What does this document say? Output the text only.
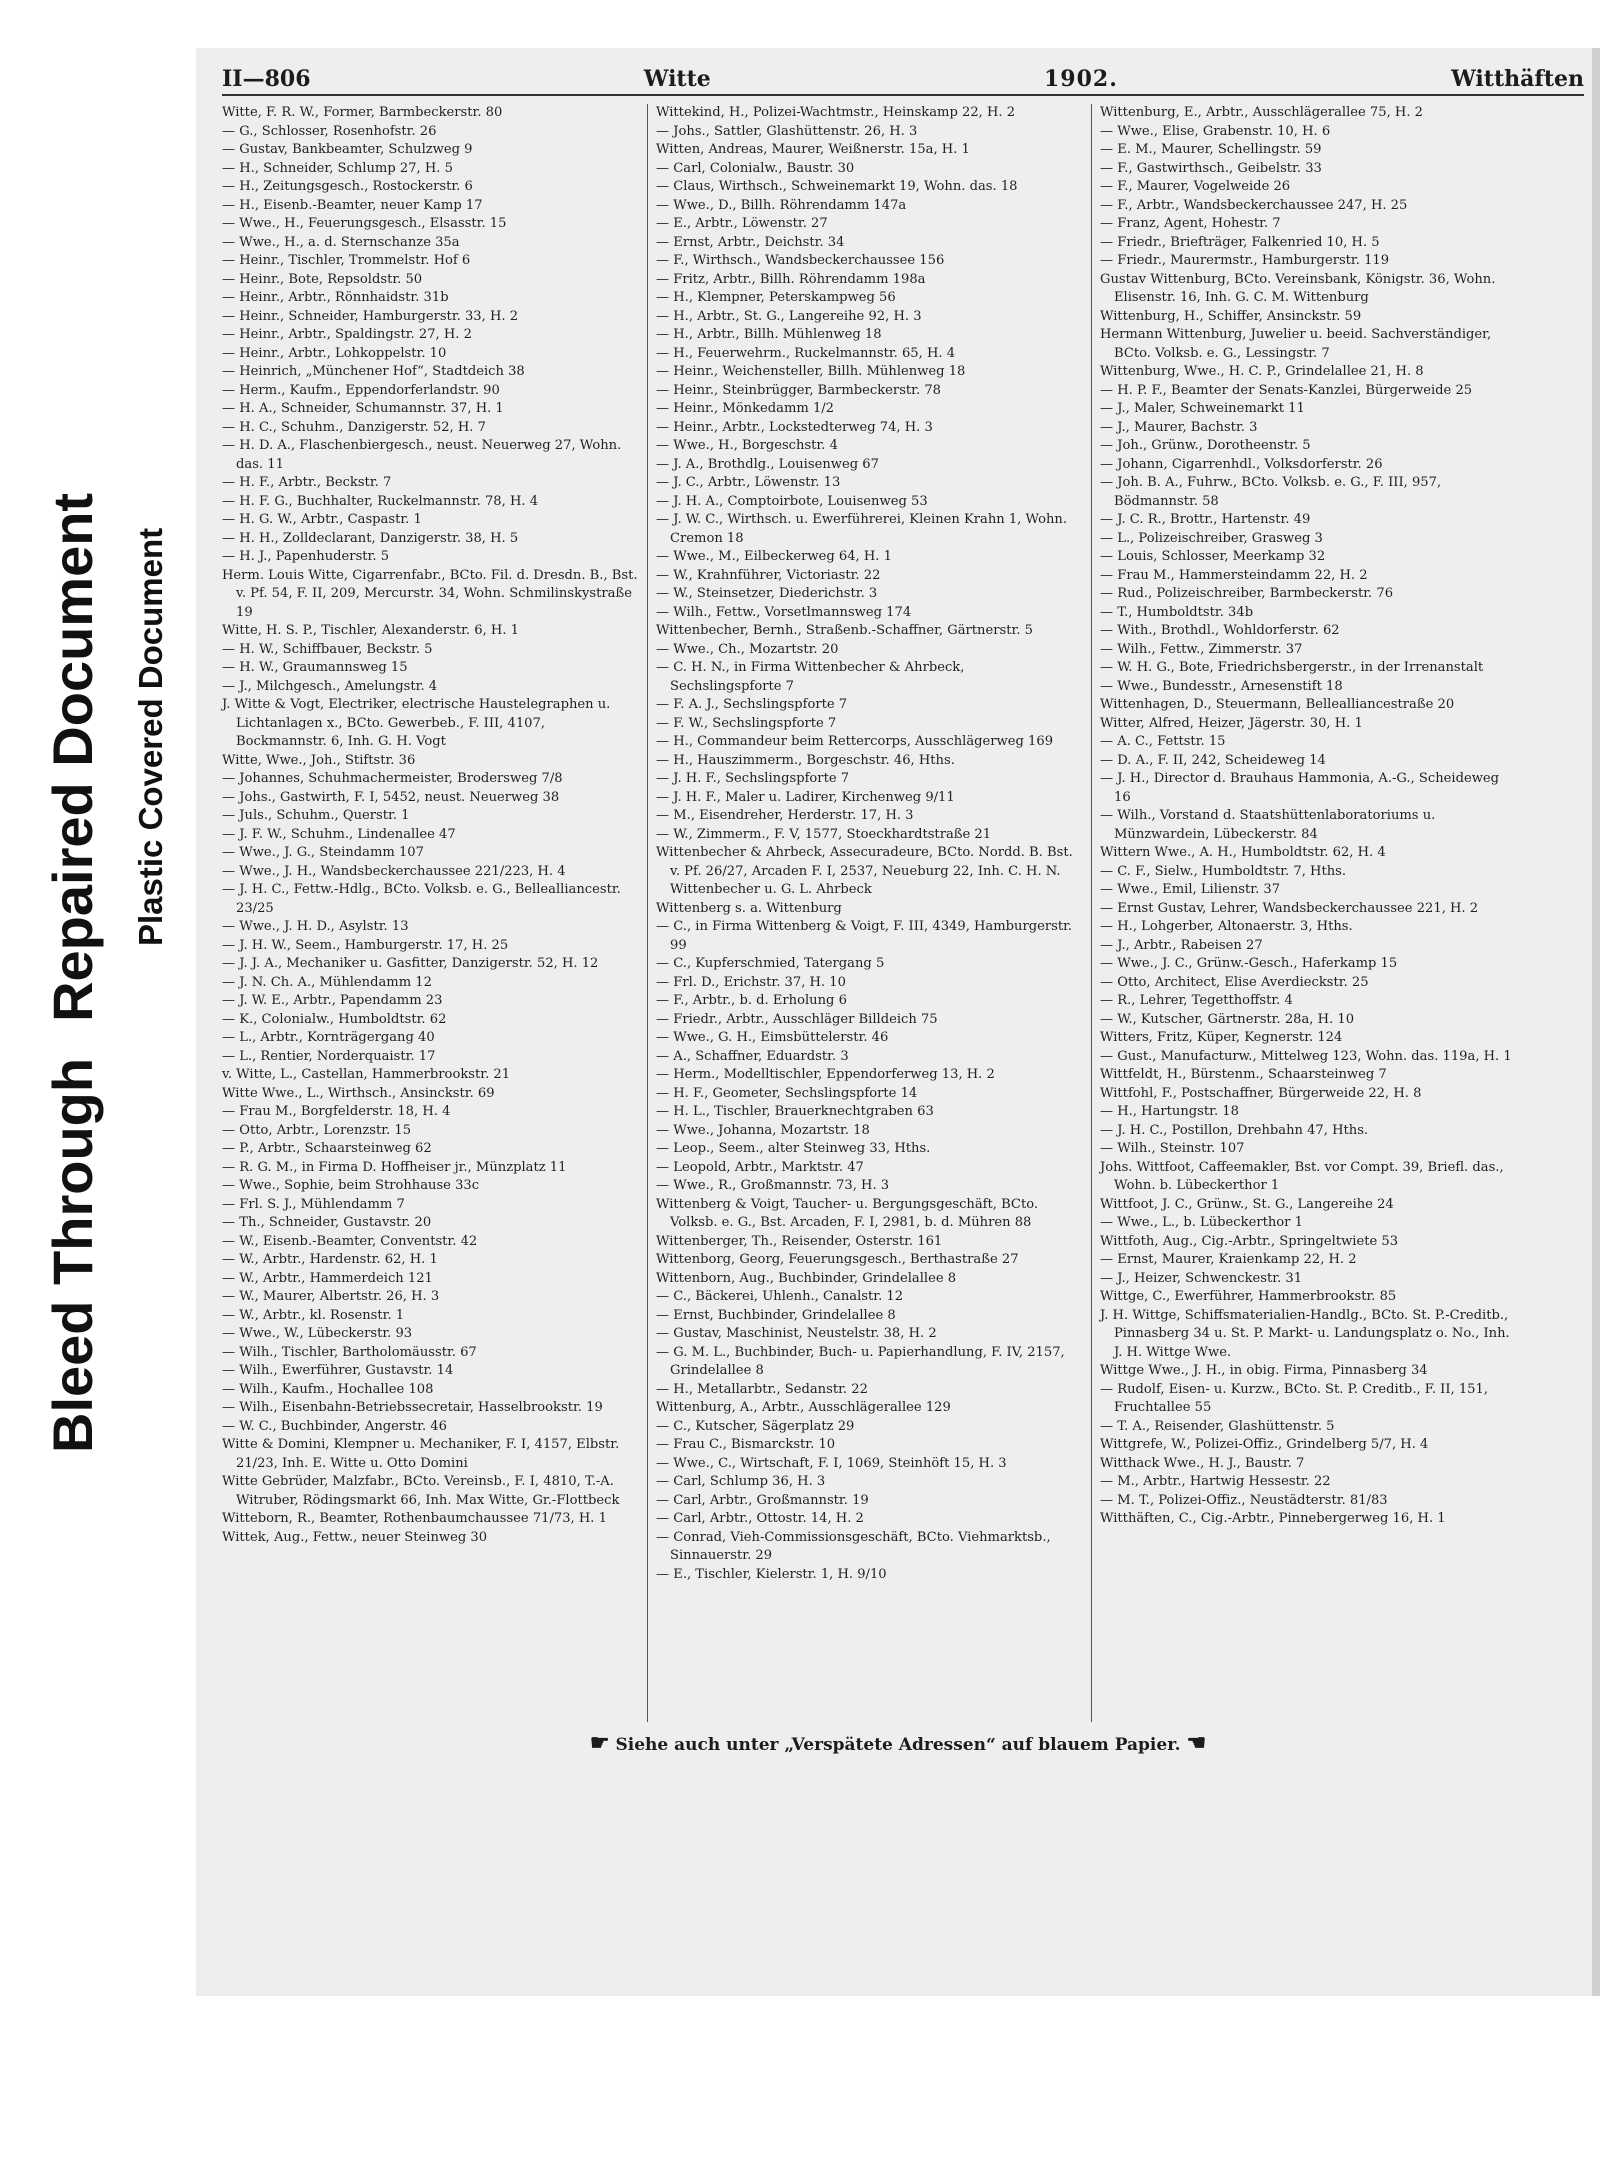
Bleed ThroughRepaired Document Plastic Covered Document
II—806	Witte	1902.	Witthäften
Witte, F. R. W., Former, Barmbeckerstr. 80
— G., Schlosser, Rosenhofstr. 26
— Gustav, Bankbeamter, Schulzweg 9
— H., Schneider, Schlump 27, H. 5
— H., Zeitungsgesch., Rostockerstr. 6
— H., Eisenb.-Beamter, neuer Kamp 17
— Wwe., H., Feuerungsgesch., Elsasstr. 15
— Wwe., H., a. d. Sternschanze 35a
— Heinr., Tischler, Trommelstr. Hof 6
— Heinr., Bote, Repsoldstr. 50
— Heinr., Arbtr., Rönnhaidstr. 31b
— Heinr., Schneider, Hamburgerstr. 33, H. 2
— Heinr., Arbtr., Spaldingstr. 27, H. 2
— Heinr., Arbtr., Lohkoppelstr. 10
— Heinrich, „Münchener Hof“, Stadtdeich 38
— Herm., Kaufm., Eppendorferlandstr. 90
— H. A., Schneider, Schumannstr. 37, H. 1
— H. C., Schuhm., Danzigerstr. 52, H. 7
— H. D. A., Flaschenbiergesch., neust. Neuerweg 27, Wohn. das. 11
— H. F., Arbtr., Beckstr. 7
— H. F. G., Buchhalter, Ruckelmannstr. 78, H. 4
— H. G. W., Arbtr., Caspastr. 1
— H. H., Zolldeclarant, Danzigerstr. 38, H. 5
— H. J., Papenhuderstr. 5
Herm. Louis Witte, Cigarrenfabr., BCto. Fil. d. Dresdn. B., Bst. v. Pf. 54, F. II, 209, Mercurstr. 34, Wohn. Schmilinskystraße 19
Witte, H. S. P., Tischler, Alexanderstr. 6, H. 1
— H. W., Schiffbauer, Beckstr. 5
— H. W., Graumannsweg 15
— J., Milchgesch., Amelungstr. 4
J. Witte & Vogt, Electriker, electrische Haustelegraphen u. Lichtanlagen x., BCto. Gewerbeb., F. III, 4107, Bockmannstr. 6, Inh. G. H. Vogt
Witte, Wwe., Joh., Stiftstr. 36
— Johannes, Schuhmachermeister, Brodersweg 7/8
— Johs., Gastwirth, F. I, 5452, neust. Neuerweg 38
— Juls., Schuhm., Querstr. 1
— J. F. W., Schuhm., Lindenallee 47
— Wwe., J. G., Steindamm 107
— Wwe., J. H., Wandsbeckerchaussee 221/223, H. 4
— J. H. C., Fettw.-Hdlg., BCto. Volksb. e. G., Bellealliancestr. 23/25
— Wwe., J. H. D., Asylstr. 13
— J. H. W., Seem., Hamburgerstr. 17, H. 25
— J. J. A., Mechaniker u. Gasfitter, Danzigerstr. 52, H. 12
— J. N. Ch. A., Mühlendamm 12
— J. W. E., Arbtr., Papendamm 23
— K., Colonialw., Humboldtstr. 62
— L., Arbtr., Kornträgergang 40
— L., Rentier, Norderquaistr. 17
v. Witte, L., Castellan, Hammerbrookstr. 21
Witte Wwe., L., Wirthsch., Ansinckstr. 69
— Frau M., Borgfelderstr. 18, H. 4
— Otto, Arbtr., Lorenzstr. 15
— P., Arbtr., Schaarsteinweg 62
— R. G. M., in Firma D. Hoffheiser jr., Münzplatz 11
— Wwe., Sophie, beim Strohhause 33c
— Frl. S. J., Mühlendamm 7
— Th., Schneider, Gustavstr. 20
— W., Eisenb.-Beamter, Conventstr. 42
— W., Arbtr., Hardenstr. 62, H. 1
— W., Arbtr., Hammerdeich 121
— W., Maurer, Albertstr. 26, H. 3
— W., Arbtr., kl. Rosenstr. 1
— Wwe., W., Lübeckerstr. 93
— Wilh., Tischler, Bartholomäusstr. 67
— Wilh., Ewerführer, Gustavstr. 14
— Wilh., Kaufm., Hochallee 108
— Wilh., Eisenbahn-Betriebssecretair, Hasselbrookstr. 19
— W. C., Buchbinder, Angerstr. 46
Witte & Domini, Klempner u. Mechaniker, F. I, 4157, Elbstr. 21/23, Inh. E. Witte u. Otto Domini
Witte Gebrüder, Malzfabr., BCto. Vereinsb., F. I, 4810, T.-A. Witruber, Rödingsmarkt 66, Inh. Max Witte, Gr.-Flottbeck
Witteborn, R., Beamter, Rothenbaumchaussee 71/73, H. 1
Wittek, Aug., Fettw., neuer Steinweg 30
Wittekind, H., Polizei-Wachtmstr., Heinskamp 22, H. 2
— Johs., Sattler, Glashüttenstr. 26, H. 3
Witten, Andreas, Maurer, Weißnerstr. 15a, H. 1
— Carl, Colonialw., Baustr. 30
— Claus, Wirthsch., Schweinemarkt 19, Wohn. das. 18
— Wwe., D., Billh. Röhrendamm 147a
— E., Arbtr., Löwenstr. 27
— Ernst, Arbtr., Deichstr. 34
— F., Wirthsch., Wandsbeckerchaussee 156
— Fritz, Arbtr., Billh. Röhrendamm 198a
— H., Klempner, Peterskampweg 56
— H., Arbtr., St. G., Langereihe 92, H. 3
— H., Arbtr., Billh. Mühlenweg 18
— H., Feuerwehrm., Ruckelmannstr. 65, H. 4
— Heinr., Weichensteller, Billh. Mühlenweg 18
— Heinr., Steinbrügger, Barmbeckerstr. 78
— Heinr., Mönkedamm 1/2
— Heinr., Arbtr., Lockstedterweg 74, H. 3
— Wwe., H., Borgeschstr. 4
— J. A., Brothdlg., Louisenweg 67
— J. C., Arbtr., Löwenstr. 13
— J. H. A., Comptoirbote, Louisenweg 53
— J. W. C., Wirthsch. u. Ewerführerei, Kleinen Krahn 1, Wohn. Cremon 18
— Wwe., M., Eilbeckerweg 64, H. 1
— W., Krahnführer, Victoriastr. 22
— W., Steinsetzer, Diederichstr. 3
— Wilh., Fettw., Vorsetlmannsweg 174
Wittenbecher, Bernh., Straßenb.-Schaffner, Gärtnerstr. 5
— Wwe., Ch., Mozartstr. 20
— C. H. N., in Firma Wittenbecher & Ahrbeck, Sechslingspforte 7
— F. A. J., Sechslingspforte 7
— F. W., Sechslingspforte 7
— H., Commandeur beim Rettercorps, Ausschlägerweg 169
— H., Hauszimmerm., Borgeschstr. 46, Hths.
— J. H. F., Sechslingspforte 7
— J. H. F., Maler u. Ladirer, Kirchenweg 9/11
— M., Eisendreher, Herderstr. 17, H. 3
— W., Zimmerm., F. V, 1577, Stoeckhardtstraße 21
Wittenbecher & Ahrbeck, Assecuradeure, BCto. Nordd. B. Bst. v. Pf. 26/27, Arcaden F. I, 2537, Neueburg 22, Inh. C. H. N. Wittenbecher u. G. L. Ahrbeck
Wittenberg s. a. Wittenburg
— C., in Firma Wittenberg & Voigt, F. III, 4349, Hamburgerstr. 99
— C., Kupferschmied, Tatergang 5
— Frl. D., Erichstr. 37, H. 10
— F., Arbtr., b. d. Erholung 6
— Friedr., Arbtr., Ausschläger Billdeich 75
— Wwe., G. H., Eimsbüttelerstr. 46
— A., Schaffner, Eduardstr. 3
— Herm., Modelltischler, Eppendorferweg 13, H. 2
— H. F., Geometer, Sechslingspforte 14
— H. L., Tischler, Brauerknechtgraben 63
— Wwe., Johanna, Mozartstr. 18
— Leop., Seem., alter Steinweg 33, Hths.
— Leopold, Arbtr., Marktstr. 47
— Wwe., R., Großmannstr. 73, H. 3
Wittenberg & Voigt, Taucher- u. Bergungsgeschäft, BCto. Volksb. e. G., Bst. Arcaden, F. I, 2981, b. d. Mühren 88
Wittenberger, Th., Reisender, Osterstr. 161
Wittenborg, Georg, Feuerungsgesch., Berthastraße 27
Wittenborn, Aug., Buchbinder, Grindelallee 8
— C., Bäckerei, Uhlenh., Canalstr. 12
— Ernst, Buchbinder, Grindelallee 8
— Gustav, Maschinist, Neustelstr. 38, H. 2
— G. M. L., Buchbinder, Buch- u. Papierhandlung, F. IV, 2157, Grindelallee 8
— H., Metallarbtr., Sedanstr. 22
Wittenburg, A., Arbtr., Ausschlägerallee 129
— C., Kutscher, Sägerplatz 29
— Frau C., Bismarckstr. 10
— Wwe., C., Wirtschaft, F. I, 1069, Steinhöft 15, H. 3
— Carl, Schlump 36, H. 3
— Carl, Arbtr., Großmannstr. 19
— Carl, Arbtr., Ottostr. 14, H. 2
— Conrad, Vieh-Commissionsgeschäft, BCto. Viehmarktsb., Sinnauerstr. 29
— E., Tischler, Kielerstr. 1, H. 9/10
Wittenburg, E., Arbtr., Ausschlägerallee 75, H. 2
— Wwe., Elise, Grabenstr. 10, H. 6
— E. M., Maurer, Schellingstr. 59
— F., Gastwirthsch., Geibelstr. 33
— F., Maurer, Vogelweide 26
— F., Arbtr., Wandsbeckerchaussee 247, H. 25
— Franz, Agent, Hohestr. 7
— Friedr., Briefträger, Falkenried 10, H. 5
— Friedr., Maurermstr., Hamburgerstr. 119
Gustav Wittenburg, BCto. Vereinsbank, Königstr. 36, Wohn. Elisenstr. 16, Inh. G. C. M. Wittenburg
Wittenburg, H., Schiffer, Ansinckstr. 59
Hermann Wittenburg, Juwelier u. beeid. Sachverständiger, BCto. Volksb. e. G., Lessingstr. 7
Wittenburg, Wwe., H. C. P., Grindelallee 21, H. 8
— H. P. F., Beamter der Senats-Kanzlei, Bürgerweide 25
— J., Maler, Schweinemarkt 11
— J., Maurer, Bachstr. 3
— Joh., Grünw., Dorotheenstr. 5
— Johann, Cigarrenhdl., Volksdorferstr. 26
— Joh. B. A., Fuhrw., BCto. Volksb. e. G., F. III, 957, Bödmannstr. 58
— J. C. R., Brottr., Hartenstr. 49
— L., Polizeischreiber, Grasweg 3
— Louis, Schlosser, Meerkamp 32
— Frau M., Hammersteindamm 22, H. 2
— Rud., Polizeischreiber, Barmbeckerstr. 76
— T., Humboldtstr. 34b
— With., Brothdl., Wohldorferstr. 62
— Wilh., Fettw., Zimmerstr. 37
— W. H. G., Bote, Friedrichsbergerstr., in der Irrenanstalt
— Wwe., Bundesstr., Arnesenstift 18
Wittenhagen, D., Steuermann, Bellealliancestraße 20
Witter, Alfred, Heizer, Jägerstr. 30, H. 1
— A. C., Fettstr. 15
— D. A., F. II, 242, Scheideweg 14
— J. H., Director d. Brauhaus Hammonia, A.-G., Scheideweg 16
— Wilh., Vorstand d. Staatshüttenlaboratoriums u. Münzwardein, Lübeckerstr. 84
Wittern Wwe., A. H., Humboldtstr. 62, H. 4
— C. F., Sielw., Humboldtstr. 7, Hths.
— Wwe., Emil, Lilienstr. 37
— Ernst Gustav, Lehrer, Wandsbeckerchaussee 221, H. 2
— H., Lohgerber, Altonaerstr. 3, Hths.
— J., Arbtr., Rabeisen 27
— Wwe., J. C., Grünw.-Gesch., Haferkamp 15
— Otto, Architect, Elise Averdieckstr. 25
— R., Lehrer, Tegetthoffstr. 4
— W., Kutscher, Gärtnerstr. 28a, H. 10
Witters, Fritz, Küper, Kegnerstr. 124
— Gust., Manufacturw., Mittelweg 123, Wohn. das. 119a, H. 1
Wittfeldt, H., Bürstenm., Schaarsteinweg 7
Wittfohl, F., Postschaffner, Bürgerweide 22, H. 8
— H., Hartungstr. 18
— J. H. C., Postillon, Drehbahn 47, Hths.
— Wilh., Steinstr. 107
Johs. Wittfoot, Caffeemakler, Bst. vor Compt. 39, Briefl. das., Wohn. b. Lübeckerthor 1
Wittfoot, J. C., Grünw., St. G., Langereihe 24
— Wwe., L., b. Lübeckerthor 1
Wittfoth, Aug., Cig.-Arbtr., Springeltwiete 53
— Ernst, Maurer, Kraienkamp 22, H. 2
— J., Heizer, Schwenckestr. 31
Wittge, C., Ewerführer, Hammerbrookstr. 85
J. H. Wittge, Schiffsmaterialien-Handlg., BCto. St. P.-Creditb., Pinnasberg 34 u. St. P. Markt- u. Landungsplatz o. No., Inh. J. H. Wittge Wwe.
Wittge Wwe., J. H., in obig. Firma, Pinnasberg 34
— Rudolf, Eisen- u. Kurzw., BCto. St. P. Creditb., F. II, 151, Fruchtallee 55
— T. A., Reisender, Glashüttenstr. 5
Wittgrefe, W., Polizei-Offiz., Grindelberg 5/7, H. 4
Witthack Wwe., H. J., Baustr. 7
— M., Arbtr., Hartwig Hessestr. 22
— M. T., Polizei-Offiz., Neustädterstr. 81/83
Witthäften, C., Cig.-Arbtr., Pinnebergerweg 16, H. 1
☛ Siehe auch unter „Verspätete Adressen“ auf blauem Papier. ☚
